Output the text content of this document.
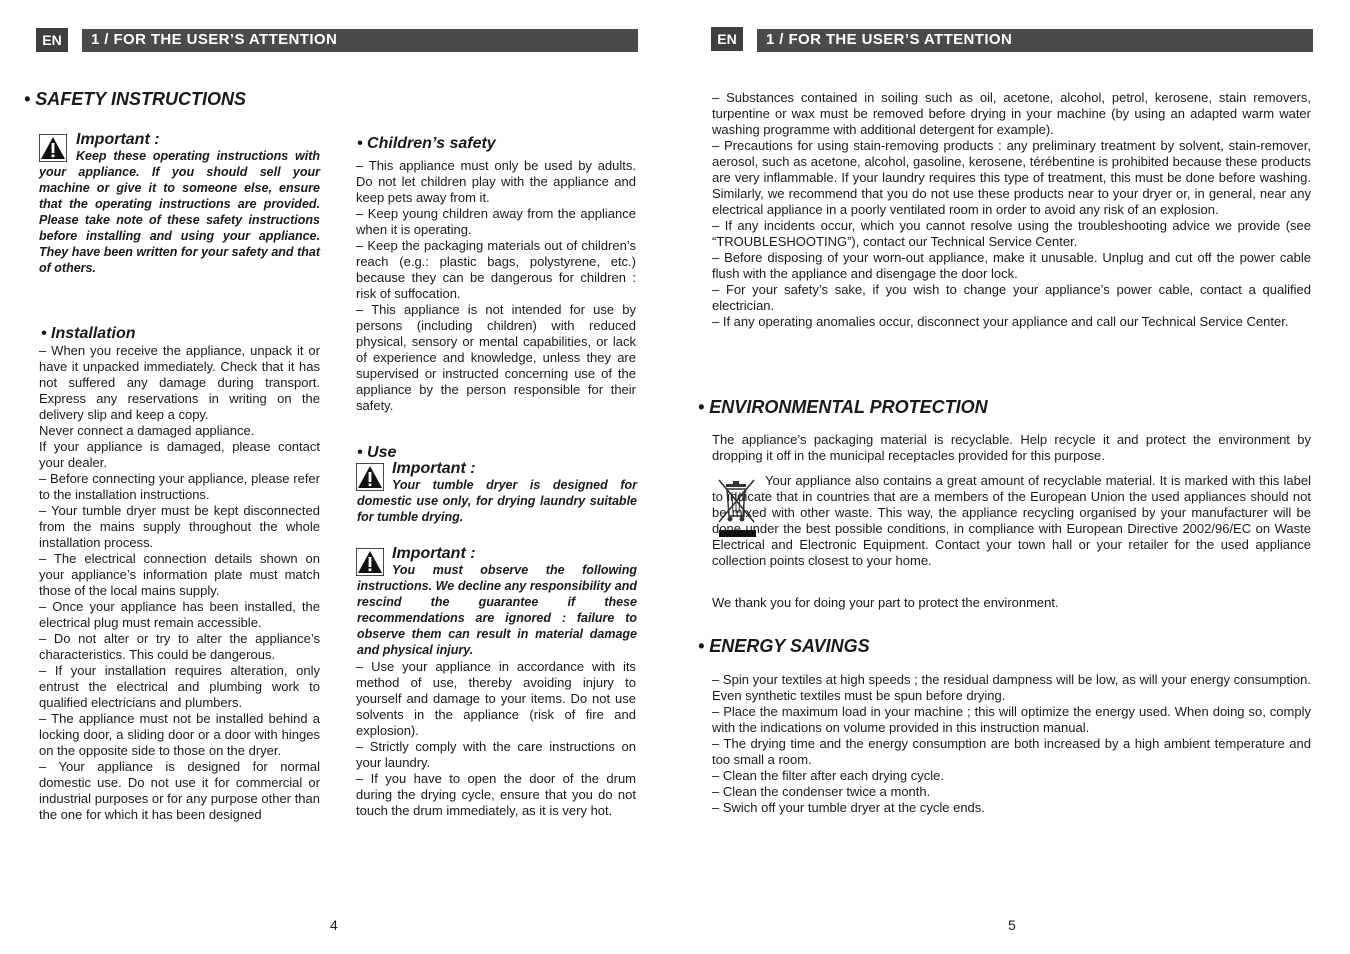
EN	1 / FOR THE USER’S ATTENTION
• SAFETY INSTRUCTIONS
Important :

Keep these operating instructions with your appliance. If you should sell your machine or give it to someone else, ensure that the operating instructions are provided. Please take note of these safety instructions before installing and using your appliance. They have been written for your safety and that of others.

• Installation

– When you receive the appliance, unpack it or have it unpacked immediately. Check that it has not suffered any damage during transport. Express any reservations in writing on the delivery slip and keep a copy.

Never connect a damaged appliance.

If your appliance is damaged, please contact your dealer.

– Before connecting your appliance, please refer to the installation instructions.

– Your tumble dryer must be kept disconnected from the mains supply throughout the whole installation process.

– The electrical connection details shown on your appliance’s information plate must match those of the local mains supply.

– Once your appliance has been installed, the electrical plug must remain accessible.

– Do not alter or try to alter the appliance’s characteristics. This could be dangerous.

– If your installation requires alteration, only entrust the electrical and plumbing work to qualified electricians and plumbers.

– The appliance must not be installed behind a locking door, a sliding door or a door with hinges on the opposite side to those on the dryer.

– Your appliance is designed for normal domestic use. Do not use it for commercial or industrial purposes or for any purpose other than the one for which it has been designed

• Children’s safety

– This appliance must only be used by adults. Do not let children play with the appliance and keep pets away from it.

– Keep young children away from the appliance when it is operating.

– Keep the packaging materials out of children’s reach (e.g.: plastic bags, polystyrene, etc.) because they can be dangerous for children : risk of suffocation.

– This appliance is not intended for use by persons (including children) with reduced physical, sensory or mental capabilities, or lack of experience and knowledge, unless they are supervised or instructed concerning use of the appliance by the person responsible for their safety.

• Use
Important :

Your tumble dryer is designed for domestic use only, for drying laundry suitable for tumble drying.

Important :

You must observe the following instructions. We decline any responsibility and rescind the guarantee if these recommendations are ignored : failure to observe them can result in material damage and physical injury.

– Use your appliance in accordance with its method of use, thereby avoiding injury to yourself and damage to your items. Do not use solvents in the appliance (risk of fire and explosion).

– Strictly comply with the care instructions on your laundry.

– If you have to open the door of the drum during the drying cycle, ensure that you do not touch the drum immediately, as it is very hot.

4
EN	1 / FOR THE USER’S ATTENTION

– Substances contained in soiling such as oil, acetone, alcohol, petrol, kerosene, stain removers, turpentine or wax must be removed before drying in your machine (by using an adapted warm water washing programme with additional detergent for example).

– Precautions for using stain-removing products : any preliminary treatment by solvent, stain-remover, aerosol, such as acetone, alcohol, gasoline, kerosene, térébentine is prohibited because these products are very inflammable. If your laundry requires this type of treatment, this must be done before washing. Similarly, we recommend that you do not use these products near to your dryer or, in general, near any electrical appliance in a poorly ventilated room in order to avoid any risk of an explosion.

– If any incidents occur, which you cannot resolve using the troubleshooting advice we provide (see “TROUBLESHOOTING”), contact our Technical Service Center.

– Before disposing of your worn-out appliance, make it unusable. Unplug and cut off the power cable flush with the appliance and disengage the door lock.

– For your safety’s sake, if you wish to change your appliance’s power cable, contact a qualified electrician.

– If any operating anomalies occur, disconnect your appliance and call our Technical Service Center.

• ENVIRONMENTAL PROTECTION

The appliance’s packaging material is recyclable. Help recycle it and protect the environment by dropping it off in the municipal receptacles provided for this purpose.

Your appliance also contains a great amount of recyclable material. It is marked with this label to indicate that in countries that are a members of the European Union the used appliances should not be mixed with other waste. This way, the appliance recycling organised by your manufacturer will be done under the best possible conditions, in compliance with European Directive 2002/96/EC on Waste Electrical and Electronic Equipment. Contact your town hall or your retailer for the used appliance collection points closest to your home.

We thank you for doing your part to protect the environment.

• ENERGY SAVINGS

– Spin your textiles at high speeds ; the residual dampness will be low, as will your energy consumption. Even synthetic textiles must be spun before drying.

– Place the maximum load in your machine ; this will optimize the energy used. When doing so, comply with the indications on volume provided in this instruction manual.

– The drying time and the energy consumption are both increased by a high ambient temperature and too small a room.

– Clean the filter after each drying cycle.

– Clean the condenser twice a month.

– Swich off your tumble dryer at the cycle ends.

5
